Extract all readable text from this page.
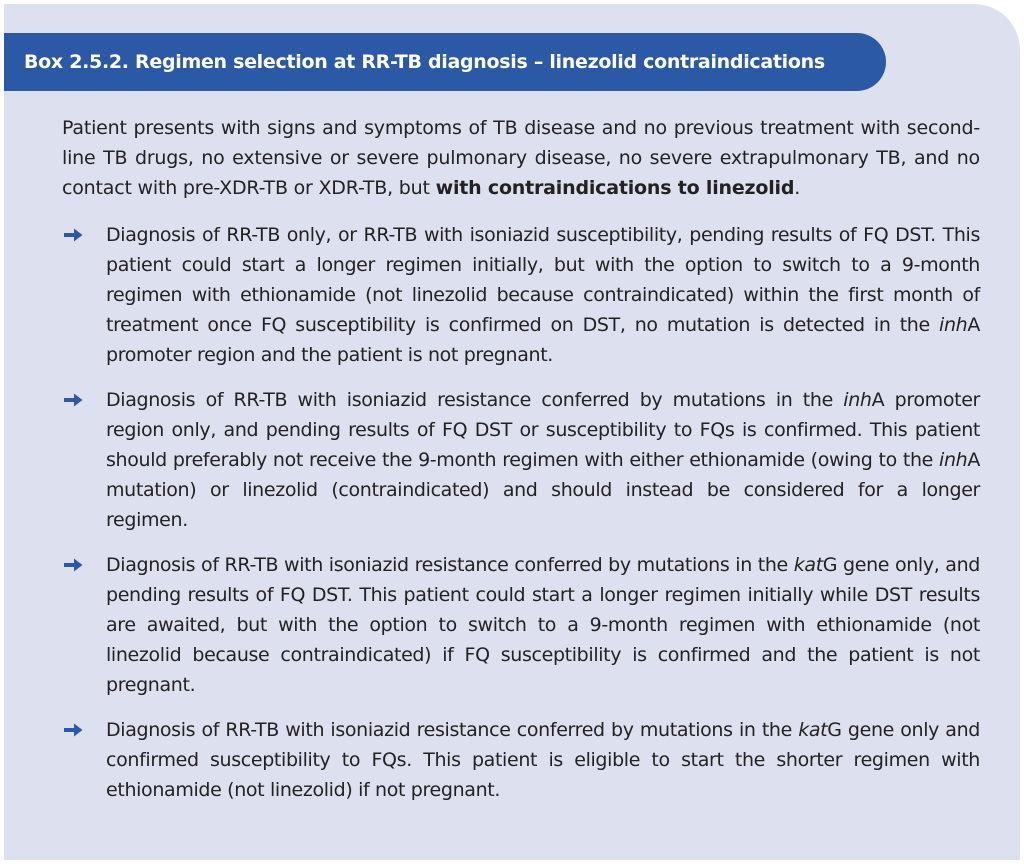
Box 2.5.2. Regimen selection at RR-TB diagnosis – linezolid contraindications

Patient presents with signs and symptoms of TB disease and no previous treatment with second-line TB drugs, no extensive or severe pulmonary disease, no severe extrapulmonary TB, and no contact with pre-XDR-TB or XDR-TB, but with contraindications to linezolid.

Diagnosis of RR-TB only, or RR-TB with isoniazid susceptibility, pending results of FQ DST. This patient could start a longer regimen initially, but with the option to switch to a 9-month regimen with ethionamide (not linezolid because contraindicated) within the first month of treatment once FQ susceptibility is confirmed on DST, no mutation is detected in the inhA promoter region and the patient is not pregnant.
Diagnosis of RR-TB with isoniazid resistance conferred by mutations in the inhA promoter region only, and pending results of FQ DST or susceptibility to FQs is confirmed. This patient should preferably not receive the 9-month regimen with either ethionamide (owing to the inhA mutation) or linezolid (contraindicated) and should instead be considered for a longer regimen.
Diagnosis of RR-TB with isoniazid resistance conferred by mutations in the katG gene only, and pending results of FQ DST. This patient could start a longer regimen initially while DST results are awaited, but with the option to switch to a 9-month regimen with ethionamide (not linezolid because contraindicated) if FQ susceptibility is confirmed and the patient is not pregnant.
Diagnosis of RR-TB with isoniazid resistance conferred by mutations in the katG gene only and confirmed susceptibility to FQs. This patient is eligible to start the shorter regimen with ethionamide (not linezolid) if not pregnant.
